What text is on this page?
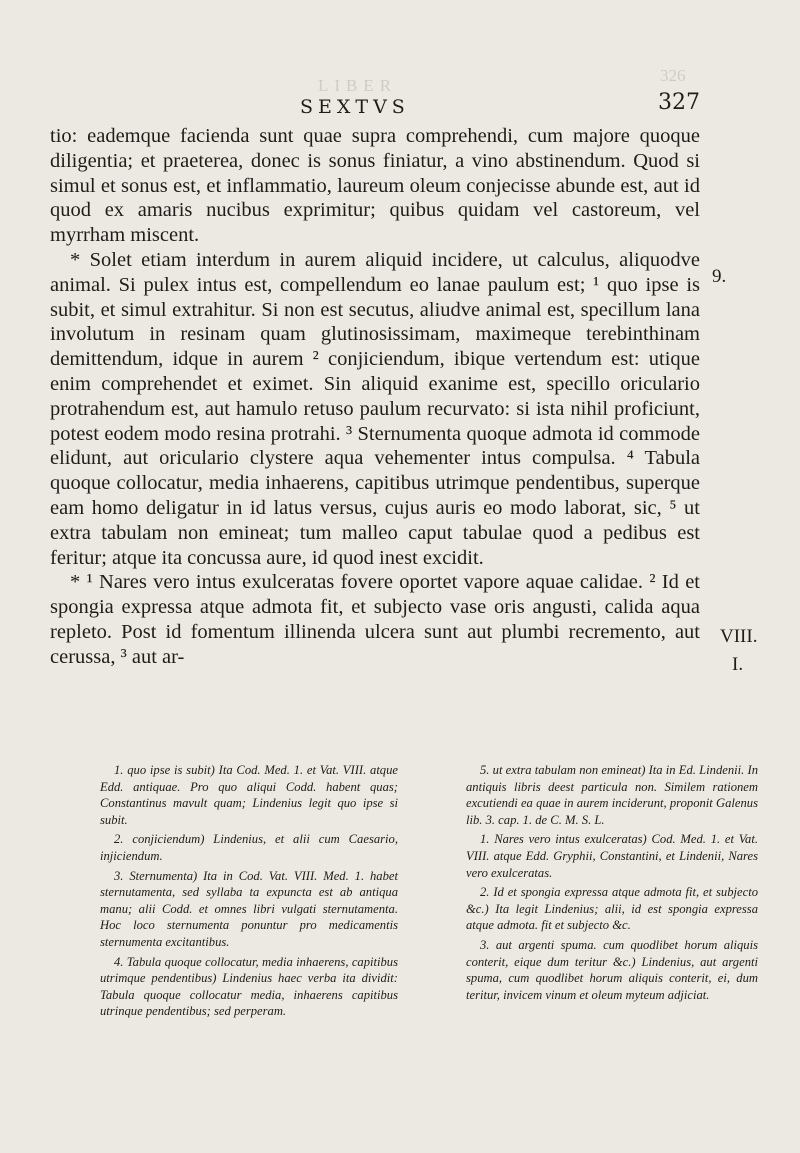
LIBER
326
SEXTVS	327

tio: eademque facienda sunt quae supra comprehendi, cum majore quoque diligentia; et praeterea, donec is sonus finiatur, a vino abstinendum. Quod si simul et sonus est, et inflammatio, laureum oleum conjecisse abunde est, aut id quod ex amaris nucibus exprimitur; quibus quidam vel castoreum, vel myrrham miscent.

* Solet etiam interdum in aurem aliquid incidere, ut calculus, aliquodve animal. Si pulex intus est, compellendum eo lanae paulum est; ¹ quo ipse is subit, et simul extrahitur. Si non est secutus, aliudve animal est, specillum lana involutum in resinam quam glutinosissimam, maximeque terebinthinam demittendum, idque in aurem ² conjiciendum, ibique vertendum est: utique enim comprehendet et eximet. Sin aliquid exanime est, specillo oriculario protrahendum est, aut hamulo retuso paulum recurvato: si ista nihil proficiunt, potest eodem modo resina protrahi. ³ Sternumenta quoque admota id commode elidunt, aut oriculario clystere aqua vehementer intus compulsa. ⁴ Tabula quoque collocatur, media inhaerens, capitibus utrimque pendentibus, superque eam homo deligatur in id latus versus, cujus auris eo modo laborat, sic, ⁵ ut extra tabulam non emineat; tum malleo caput tabulae quod a pedibus est feritur; atque ita concussa aure, id quod inest excidit.

* ¹ Nares vero intus exulceratas fovere oportet vapore aquae calidae. ² Id et spongia expressa atque admota fit, et subjecto vase oris angusti, calida aqua repleto. Post id fomentum illinenda ulcera sunt aut plumbi recremento, aut cerussa, ³ aut ar-

9.
VIII.
I.

1. quo ipse is subit) Ita Cod. Med. 1. et Vat. VIII. atque Edd. antiquae. Pro quo aliqui Codd. habent quas; Constantinus mavult quam; Lindenius legit quo ipse si subit.

2. conjiciendum) Lindenius, et alii cum Caesario, injiciendum.

3. Sternumenta) Ita in Cod. Vat. VIII. Med. 1. habet sternutamenta, sed syllaba ta expuncta est ab antiqua manu; alii Codd. et omnes libri vulgati sternutamenta. Hoc loco sternumenta ponuntur pro medicamentis sternumenta excitantibus.

4. Tabula quoque collocatur, media inhaerens, capitibus utrimque pendentibus) Lindenius haec verba ita dividit: Tabula quoque collocatur media, inhaerens capitibus utrinque pendentibus; sed perperam.

5. ut extra tabulam non emineat) Ita in Ed. Lindenii. In antiquis libris deest particula non. Similem rationem excutiendi ea quae in aurem inciderunt, proponit Galenus lib. 3. cap. 1. de C. M. S. L.

1. Nares vero intus exulceratas) Cod. Med. 1. et Vat. VIII. atque Edd. Gryphii, Constantini, et Lindenii, Nares vero exulceratas.

2. Id et spongia expressa atque admota fit, et subjecto &c.) Ita legit Lindenius; alii, id est spongia expressa atque admota. fit et subjecto &c.

3. aut argenti spuma. cum quodlibet horum aliquis conterit, eique dum teritur &c.) Lindenius, aut argenti spuma, cum quodlibet horum aliquis conterit, ei, dum teritur, invicem vinum et oleum myteum adjiciat.
